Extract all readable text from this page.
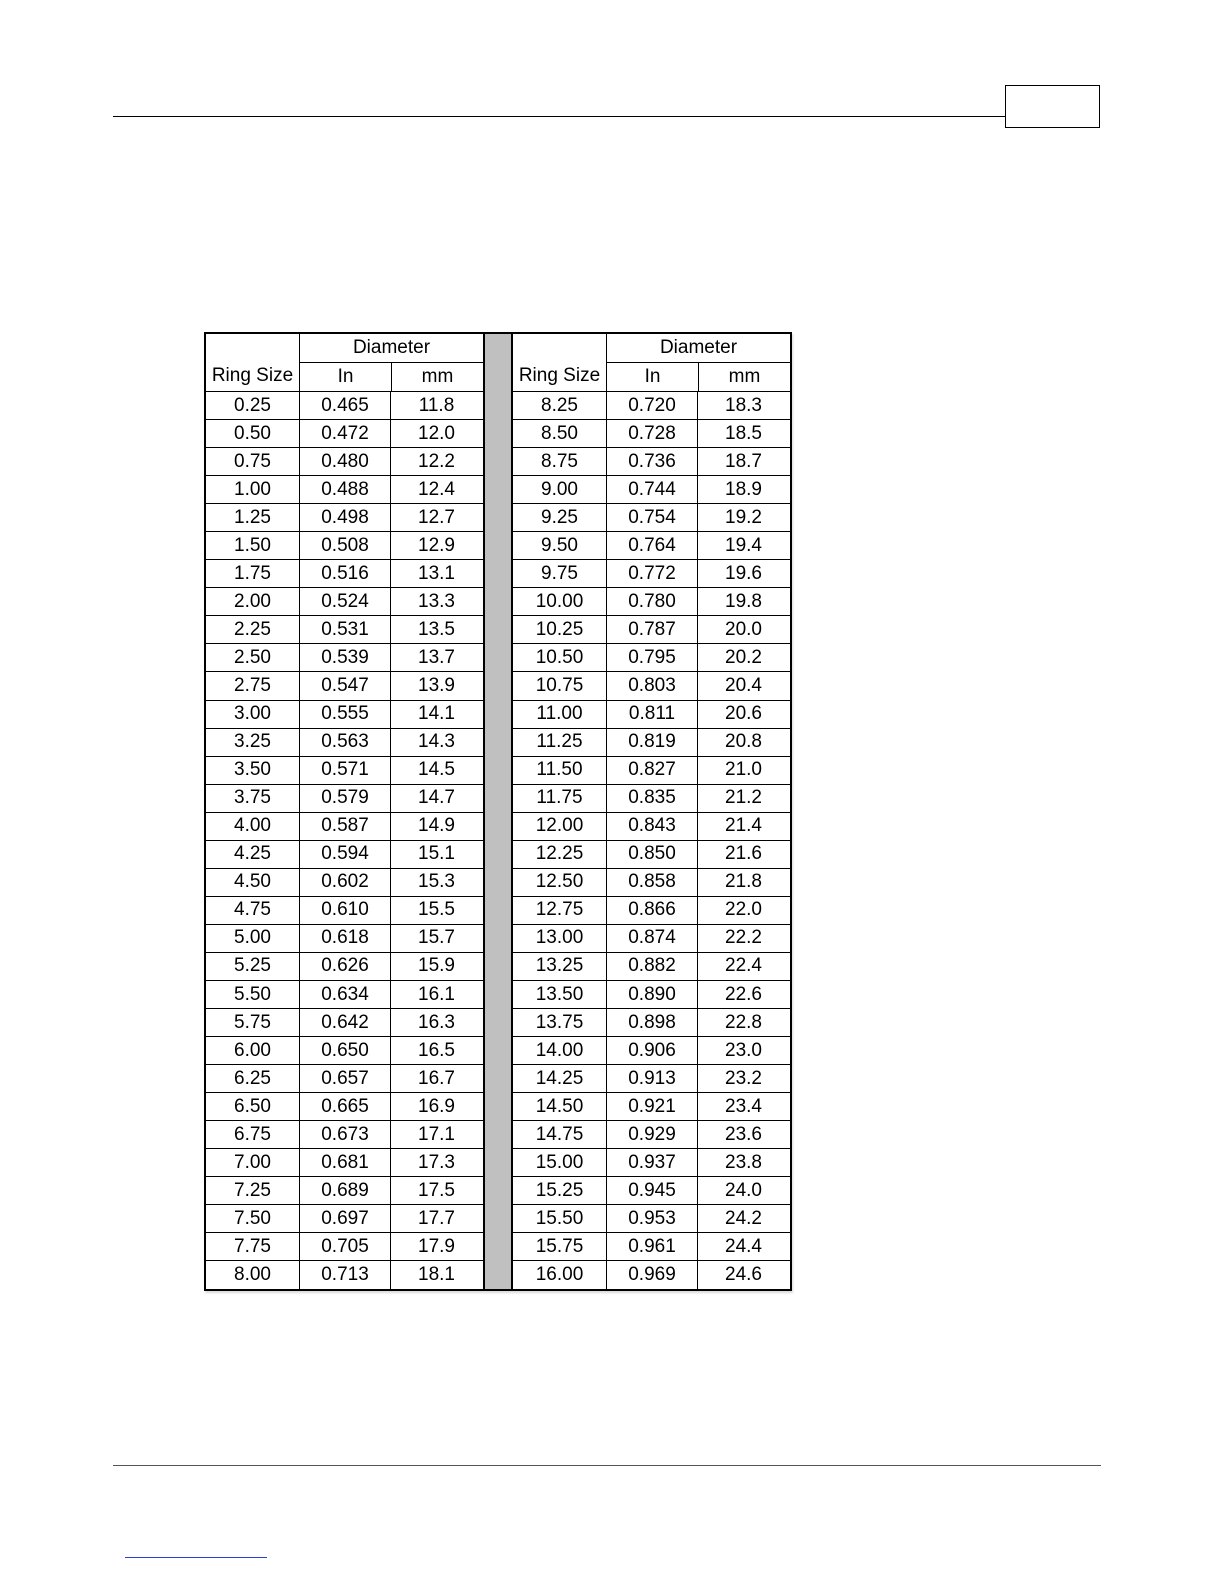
Ring Size
Diameter
In	mm
0.25	0.465	11.8
0.50	0.472	12.0
0.75	0.480	12.2
1.00	0.488	12.4
1.25	0.498	12.7
1.50	0.508	12.9
1.75	0.516	13.1
2.00	0.524	13.3
2.25	0.531	13.5
2.50	0.539	13.7
2.75	0.547	13.9
3.00	0.555	14.1
3.25	0.563	14.3
3.50	0.571	14.5
3.75	0.579	14.7
4.00	0.587	14.9
4.25	0.594	15.1
4.50	0.602	15.3
4.75	0.610	15.5
5.00	0.618	15.7
5.25	0.626	15.9
5.50	0.634	16.1
5.75	0.642	16.3
6.00	0.650	16.5
6.25	0.657	16.7
6.50	0.665	16.9
6.75	0.673	17.1
7.00	0.681	17.3
7.25	0.689	17.5
7.50	0.697	17.7
7.75	0.705	17.9
8.00	0.713	18.1
Ring Size
Diameter
In	mm
8.25	0.720	18.3
8.50	0.728	18.5
8.75	0.736	18.7
9.00	0.744	18.9
9.25	0.754	19.2
9.50	0.764	19.4
9.75	0.772	19.6
10.00	0.780	19.8
10.25	0.787	20.0
10.50	0.795	20.2
10.75	0.803	20.4
11.00	0.811	20.6
11.25	0.819	20.8
11.50	0.827	21.0
11.75	0.835	21.2
12.00	0.843	21.4
12.25	0.850	21.6
12.50	0.858	21.8
12.75	0.866	22.0
13.00	0.874	22.2
13.25	0.882	22.4
13.50	0.890	22.6
13.75	0.898	22.8
14.00	0.906	23.0
14.25	0.913	23.2
14.50	0.921	23.4
14.75	0.929	23.6
15.00	0.937	23.8
15.25	0.945	24.0
15.50	0.953	24.2
15.75	0.961	24.4
16.00	0.969	24.6
